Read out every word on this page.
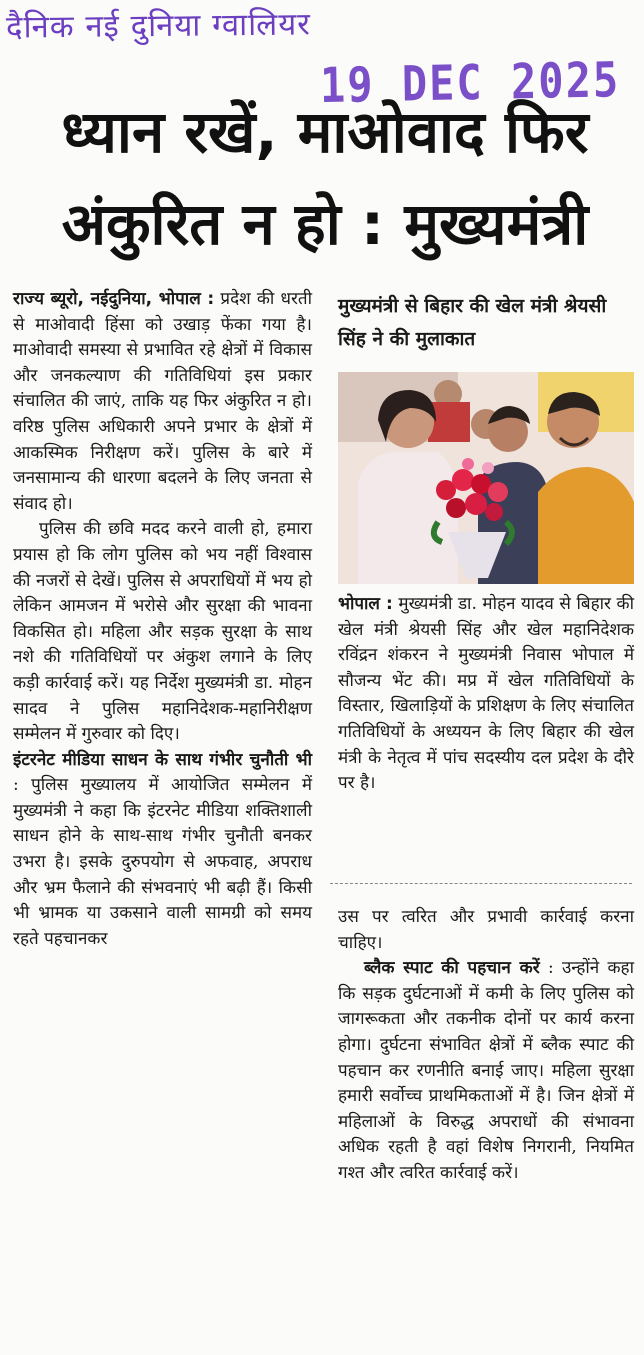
दैनिक नई दुनिया ग्वालियर
19 DEC 2025
ध्यान रखें, माओवाद फिर
अंकुरित न हो : मुख्यमंत्री

राज्य ब्यूरो, नईदुनिया, भोपाल : प्रदेश की धरती से माओवादी हिंसा को उखाड़ फेंका गया है। माओवादी समस्या से प्रभावित रहे क्षेत्रों में विकास और जनकल्याण की गतिविधियां इस प्रकार संचालित की जाएं, ताकि यह फिर अंकुरित न हो। वरिष्ठ पुलिस अधिकारी अपने प्रभार के क्षेत्रों में आकस्मिक निरीक्षण करें। पुलिस के बारे में जनसामान्य की धारणा बदलने के लिए जनता से संवाद हो।

पुलिस की छवि मदद करने वाली हो, हमारा प्रयास हो कि लोग पुलिस को भय नहीं विश्वास की नजरों से देखें। पुलिस से अपराधियों में भय हो लेकिन आमजन में भरोसे और सुरक्षा की भावना विकसित हो। महिला और सड़क सुरक्षा के साथ नशे की गतिविधियों पर अंकुश लगाने के लिए कड़ी कार्रवाई करें। यह निर्देश मुख्यमंत्री डा. मोहन सादव ने पुलिस महानिदेशक-महानिरीक्षण सम्मेलन में गुरुवार को दिए।

इंटरनेट मीडिया साधन के साथ गंभीर चुनौती भी : पुलिस मुख्यालय में आयोजित सम्मेलन में मुख्यमंत्री ने कहा कि इंटरनेट मीडिया शक्तिशाली साधन होने के साथ-साथ गंभीर चुनौती बनकर उभरा है। इसके दुरुपयोग से अफवाह, अपराध और भ्रम फैलाने की संभवनाएं भी बढ़ी हैं। किसी भी भ्रामक या उकसाने वाली सामग्री को समय रहते पहचानकर

मुख्यमंत्री से बिहार की खेल मंत्री श्रेयसी सिंह ने की मुलाकात

भोपाल : मुख्यमंत्री डा. मोहन यादव से बिहार की खेल मंत्री श्रेयसी सिंह और खेल महानिदेशक रविंद्रन शंकरन ने मुख्यमंत्री निवास भोपाल में सौजन्य भेंट की। मप्र में खेल गतिविधियों के विस्तार, खिलाड़ियों के प्रशिक्षण के लिए संचालित गतिविधियों के अध्ययन के लिए बिहार की खेल मंत्री के नेतृत्व में पांच सदस्यीय दल प्रदेश के दौरे पर है।

उस पर त्वरित और प्रभावी कार्रवाई करना चाहिए।

ब्लैक स्पाट की पहचान करें : उन्होंने कहा कि सड़क दुर्घटनाओं में कमी के लिए पुलिस को जागरूकता और तकनीक दोनों पर कार्य करना होगा। दुर्घटना संभावित क्षेत्रों में ब्लैक स्पाट की पहचान कर रणनीति बनाई जाए। महिला सुरक्षा हमारी सर्वोच्च प्राथमिकताओं में है। जिन क्षेत्रों में महिलाओं के विरुद्ध अपराधों की संभावना अधिक रहती है वहां विशेष निगरानी, नियमित गश्त और त्वरित कार्रवाई करें।
